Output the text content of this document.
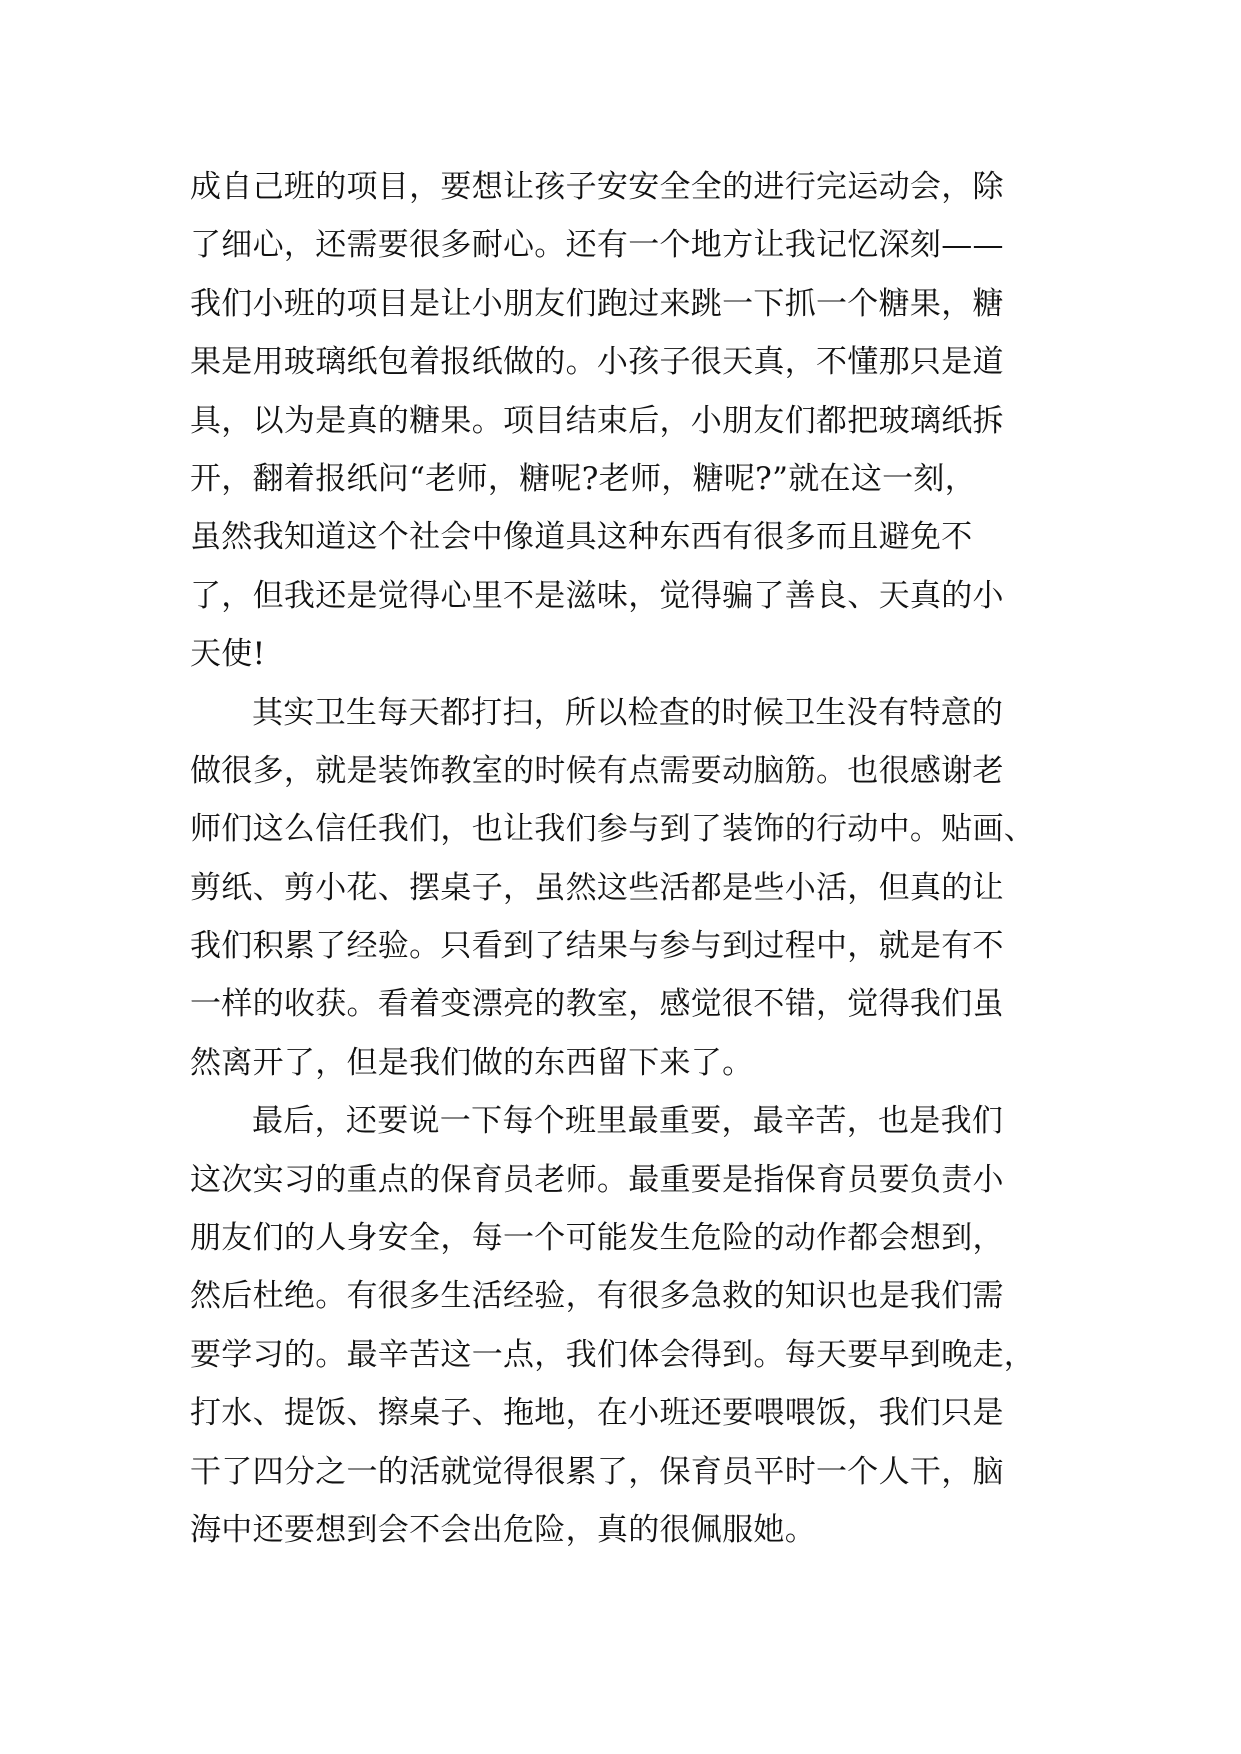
成自己班的项目，要想让孩子安安全全的进行完运动会，除
了细心，还需要很多耐心。还有一个地方让我记忆深刻——
我们小班的项目是让小朋友们跑过来跳一下抓一个糖果，糖
果是用玻璃纸包着报纸做的。小孩子很天真，不懂那只是道
具，以为是真的糖果。项目结束后，小朋友们都把玻璃纸拆
开，翻着报纸问“老师，糖呢?老师，糖呢?”就在这一刻，
虽然我知道这个社会中像道具这种东西有很多而且避免不
了，但我还是觉得心里不是滋味，觉得骗了善良、天真的小
天使!
其实卫生每天都打扫，所以检查的时候卫生没有特意的
做很多，就是装饰教室的时候有点需要动脑筋。也很感谢老
师们这么信任我们，也让我们参与到了装饰的行动中。贴画、
剪纸、剪小花、摆桌子，虽然这些活都是些小活，但真的让
我们积累了经验。只看到了结果与参与到过程中，就是有不
一样的收获。看着变漂亮的教室，感觉很不错，觉得我们虽
然离开了，但是我们做的东西留下来了。
最后，还要说一下每个班里最重要，最辛苦，也是我们
这次实习的重点的保育员老师。最重要是指保育员要负责小
朋友们的人身安全，每一个可能发生危险的动作都会想到，
然后杜绝。有很多生活经验，有很多急救的知识也是我们需
要学习的。最辛苦这一点，我们体会得到。每天要早到晚走，
打水、提饭、擦桌子、拖地，在小班还要喂喂饭，我们只是
干了四分之一的活就觉得很累了，保育员平时一个人干，脑
海中还要想到会不会出危险，真的很佩服她。
